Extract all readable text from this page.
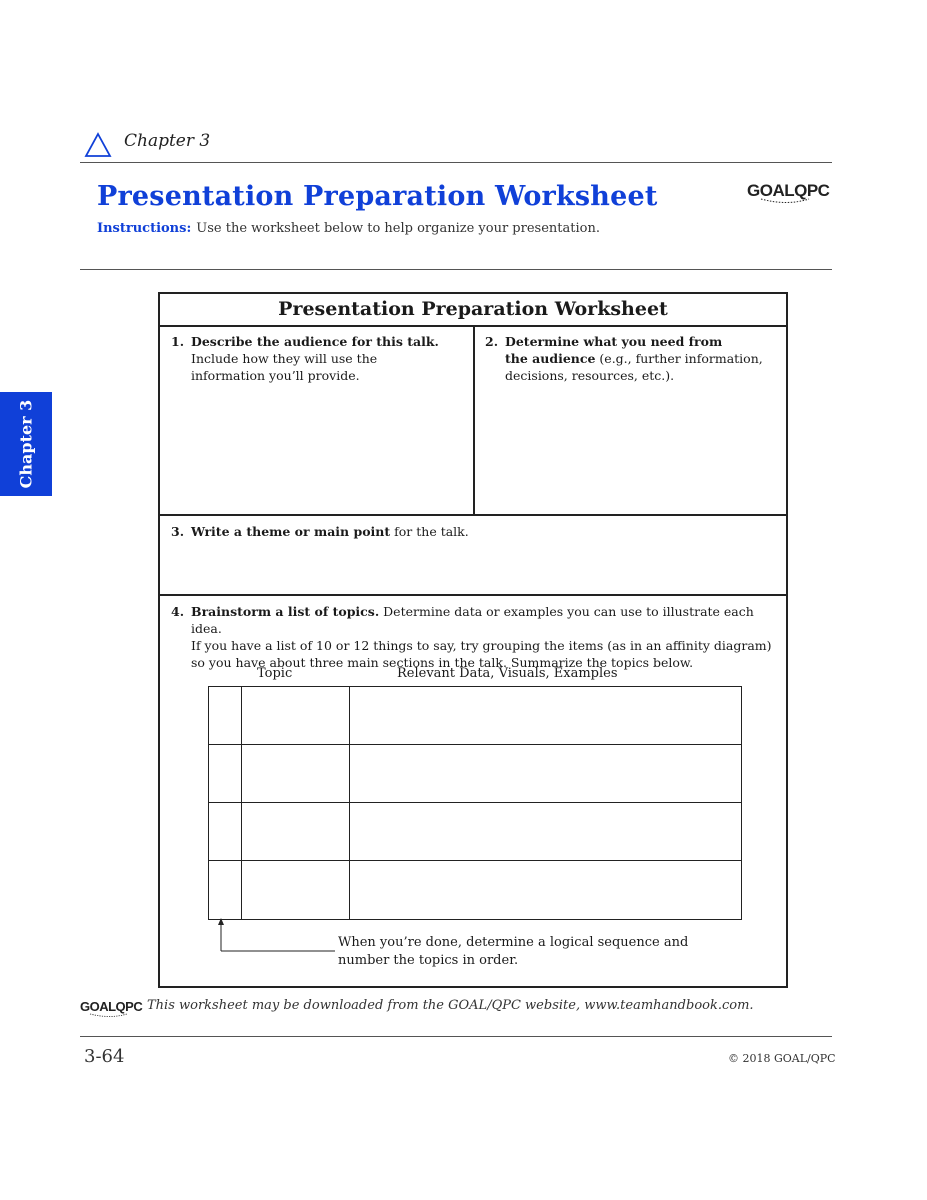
Chapter 3
Presentation Preparation Worksheet	GOALQPC
Instructions: Use the worksheet below to help organize your presentation.
Chapter 3
Presentation Preparation Worksheet
1. Describe the audience for this talk.
Include how they will use the
information you’ll provide.
2. Determine what you need from
the audience (e.g., further information,
decisions, resources, etc.).
3. Write a theme or main point for the talk.
4. Brainstorm a list of topics. Determine data or examples you can use to illustrate each idea.
If you have a list of 10 or 12 things to say, try grouping the items (as in an affinity diagram)
so you have about three main sections in the talk. Summarize the topics below.
Topic	Relevant Data, Visuals, Examples
When you’re done, determine a logical sequence and
number the topics in order.
GOALQPC This worksheet may be downloaded from the GOAL/QPC website, www.teamhandbook.com.
3-64	© 2018 GOAL/QPC
